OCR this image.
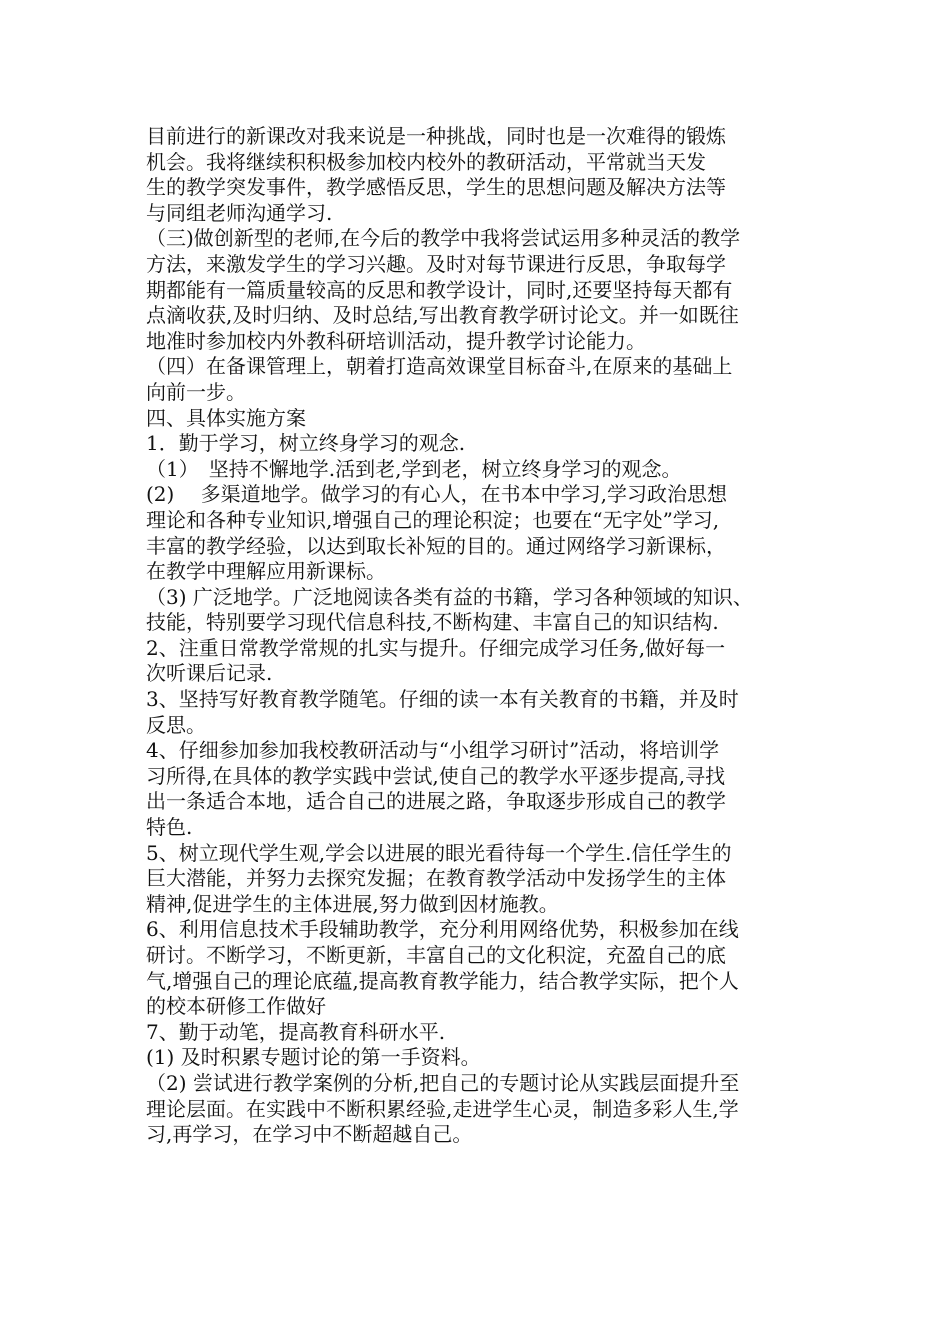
目前进行的新课改对我来说是一种挑战，同时也是一次难得的锻炼
机会。我将继续积积极参加校内校外的教研活动，平常就当天发
生的教学突发事件，教学感悟反思，学生的思想问题及解决方法等
与同组老师沟通学习.
（三)做创新型的老师,在今后的教学中我将尝试运用多种灵活的教学
方法，来激发学生的学习兴趣。及时对每节课进行反思，争取每学
期都能有一篇质量较高的反思和教学设计，同时,还要坚持每天都有
点滴收获,及时归纳、及时总结,写出教育教学研讨论文。并一如既往
地准时参加校内外教科研培训活动，提升教学讨论能力。
（四）在备课管理上，朝着打造高效课堂目标奋斗,在原来的基础上
向前一步。
四、具体实施方案
1．勤于学习，树立终身学习的观念.
（1）　坚持不懈地学.活到老,学到老，树立终身学习的观念。
(2)　 多渠道地学。做学习的有心人，在书本中学习,学习政治思想
理论和各种专业知识,增强自己的理论积淀；也要在“无字处”学习,
丰富的教学经验，以达到取长补短的目的。通过网络学习新课标，
在教学中理解应用新课标。
（3) 广泛地学。广泛地阅读各类有益的书籍，学习各种领域的知识、
技能，特别要学习现代信息科技,不断构建、丰富自己的知识结构.
2、注重日常教学常规的扎实与提升。仔细完成学习任务,做好每一
次听课后记录.
3、坚持写好教育教学随笔。仔细的读一本有关教育的书籍，并及时
反思。
4、仔细参加参加我校教研活动与“小组学习研讨”活动，将培训学
习所得,在具体的教学实践中尝试,使自己的教学水平逐步提高,寻找
出一条适合本地，适合自己的进展之路，争取逐步形成自己的教学
特色.
5、树立现代学生观,学会以进展的眼光看待每一个学生.信任学生的
巨大潜能，并努力去探究发掘；在教育教学活动中发扬学生的主体
精神,促进学生的主体进展,努力做到因材施教。
6、利用信息技术手段辅助教学，充分利用网络优势，积极参加在线
研讨。不断学习，不断更新，丰富自己的文化积淀，充盈自己的底
气,增强自己的理论底蕴,提高教育教学能力，结合教学实际，把个人
的校本研修工作做好
7、勤于动笔，提高教育科研水平.
(1) 及时积累专题讨论的第一手资料。
（2) 尝试进行教学案例的分析,把自己的专题讨论从实践层面提升至
理论层面。在实践中不断积累经验,走进学生心灵，制造多彩人生,学
习,再学习，在学习中不断超越自己。
